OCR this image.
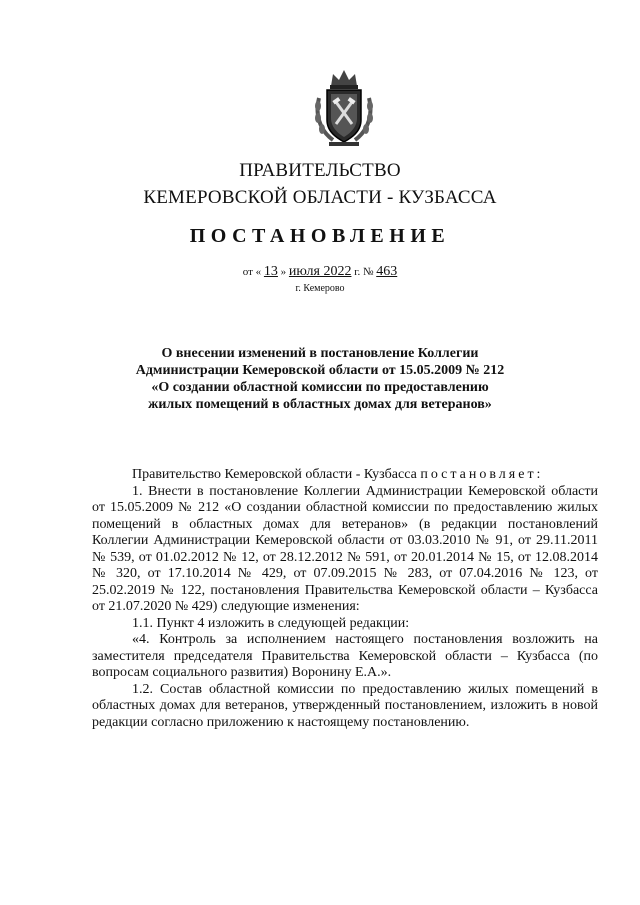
ПРАВИТЕЛЬСТВО
КЕМЕРОВСКОЙ ОБЛАСТИ - КУЗБАССА
ПОСТАНОВЛЕНИЕ
от « 13 » июля 2022 г. № 463
г. Кемерово
О внесении изменений в постановление Коллегии Администрации Кемеровской области от 15.05.2009 № 212 «О создании областной комиссии по предоставлению жилых помещений в областных домах для ветеранов»

Правительство Кемеровской области - Кузбасса постановляет:

1. Внести в постановление Коллегии Администрации Кемеровской области от 15.05.2009 № 212 «О создании областной комиссии по предоставлению жилых помещений в областных домах для ветеранов» (в редакции постановлений Коллегии Администрации Кемеровской области от 03.03.2010 № 91, от 29.11.2011 № 539, от 01.02.2012 № 12, от 28.12.2012 № 591, от 20.01.2014 № 15, от 12.08.2014 № 320, от 17.10.2014 № 429, от 07.09.2015 № 283, от 07.04.2016 № 123, от 25.02.2019 № 122, постановления Правительства Кемеровской области – Кузбасса от 21.07.2020 № 429) следующие изменения:

1.1. Пункт 4 изложить в следующей редакции:

«4. Контроль за исполнением настоящего постановления возложить на заместителя председателя Правительства Кемеровской области – Кузбасса (по вопросам социального развития) Воронину Е.А.».

1.2. Состав областной комиссии по предоставлению жилых помещений в областных домах для ветеранов, утвержденный постановлением, изложить в новой редакции согласно приложению к настоящему постановлению.
